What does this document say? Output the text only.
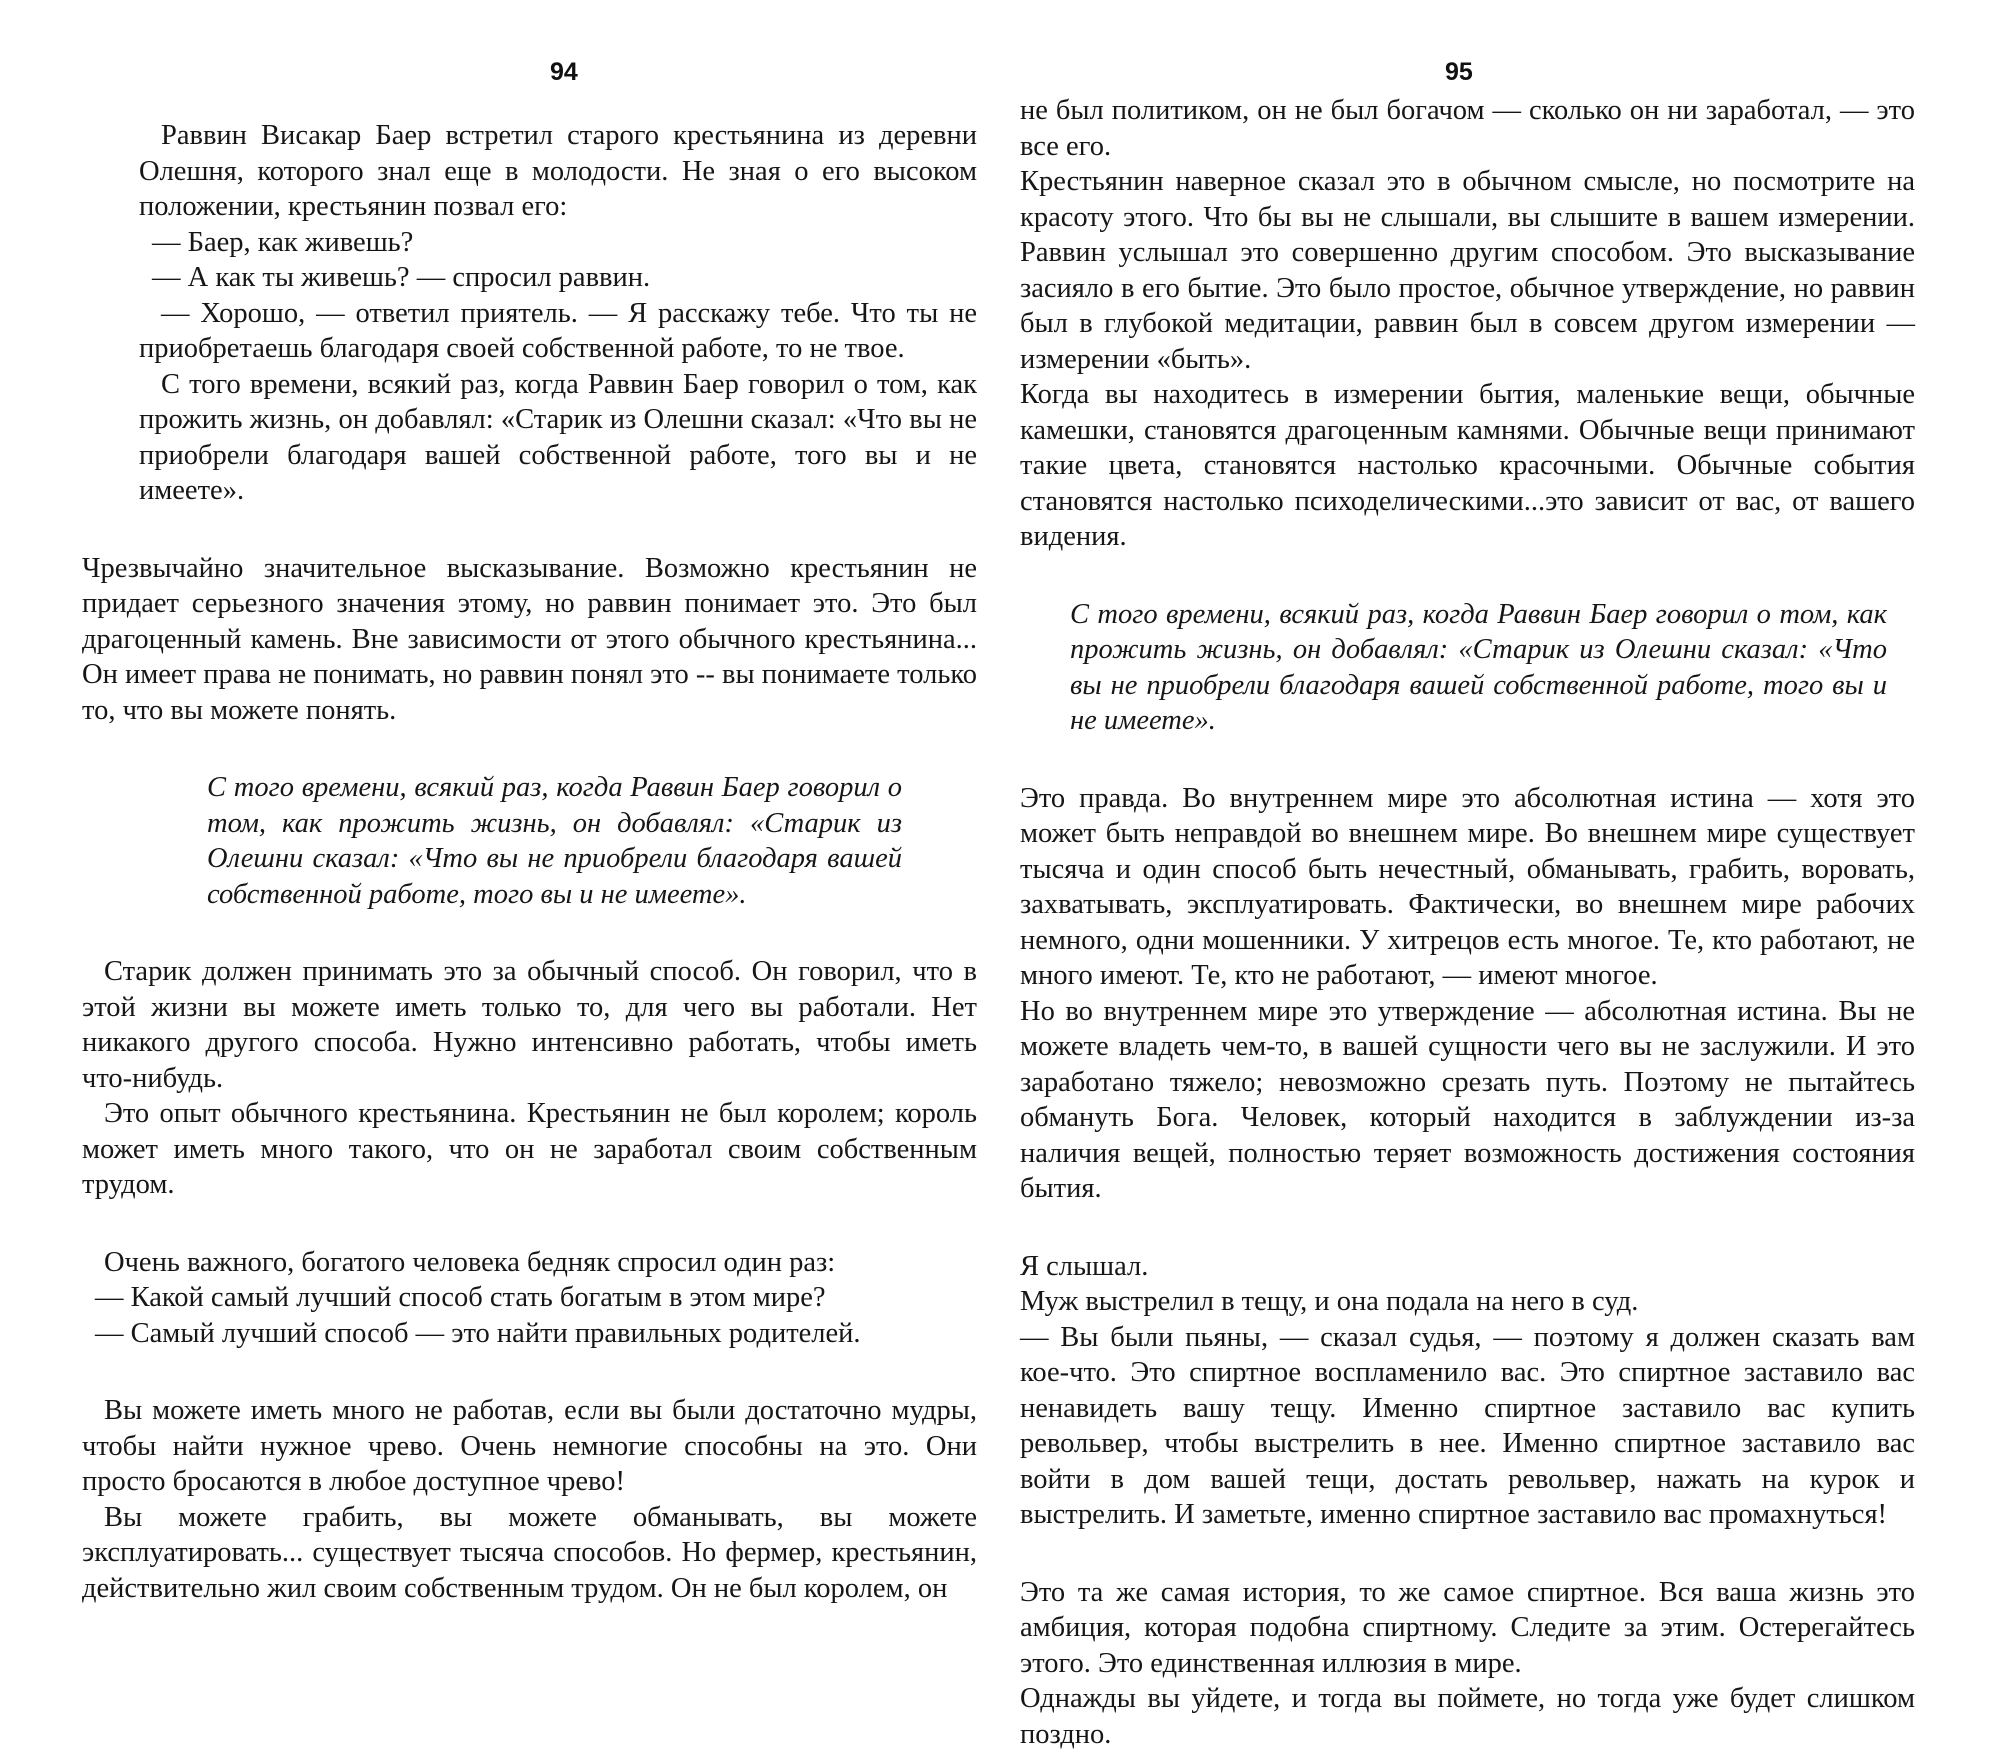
94

Раввин Висакар Баер встретил старого крестьянина из деревни Олешня, которого знал еще в молодости. Не зная о его высоком положении, крестьянин позвал его:

— Баер, как живешь?

— А как ты живешь? — спросил раввин.

— Хорошо, — ответил приятель. — Я расскажу тебе. Что ты не приобретаешь благодаря своей собственной работе, то не твое.

С того времени, всякий раз, когда Раввин Баер говорил о том, как прожить жизнь, он добавлял: «Старик из Олешни сказал: «Что вы не приобрели благодаря вашей собственной работе, того вы и не имеете».

Чрезвычайно значительное высказывание. Возможно крестьянин не придает серьезного значения этому, но раввин понимает это. Это был драгоценный камень. Вне зависимости от этого обычного крестьянина... Он имеет права не понимать, но раввин понял это -- вы понимаете только то, что вы можете понять.

С того времени, всякий раз, когда Раввин Баер говорил о том, как прожить жизнь, он добавлял: «Старик из Олешни сказал: «Что вы не приобрели благодаря вашей собственной работе, того вы и не имеете».

Старик должен принимать это за обычный способ. Он говорил, что в этой жизни вы можете иметь только то, для чего вы работали. Нет никакого другого способа. Нужно интенсивно работать, чтобы иметь что-нибудь.

Это опыт обычного крестьянина. Крестьянин не был королем; король может иметь много такого, что он не заработал своим собственным трудом.

Очень важного, богатого человека бедняк спросил один раз:

— Какой самый лучший способ стать богатым в этом мире?

— Самый лучший способ — это найти правильных родителей.

Вы можете иметь много не работав, если вы были достаточно мудры, чтобы найти нужное чрево. Очень немногие способны на это. Они просто бросаются в любое доступное чрево!

Вы можете грабить, вы можете обманывать, вы можете эксплуатировать... существует тысяча способов. Но фермер, крестьянин, действительно жил своим собственным трудом. Он не был королем, он

95

не был политиком, он не был богачом — сколько он ни заработал, — это все его.

Крестьянин наверное сказал это в обычном смысле, но посмотрите на красоту этого. Что бы вы не слышали, вы слышите в вашем измерении. Раввин услышал это совершенно другим способом. Это высказывание засияло в его бытие. Это было простое, обычное утверждение, но раввин был в глубокой медитации, раввин был в совсем другом измерении — измерении «быть».

Когда вы находитесь в измерении бытия, маленькие вещи, обычные камешки, становятся драгоценным камнями. Обычные вещи принимают такие цвета, становятся настолько красочными. Обычные события становятся настолько психоделическими...это зависит от вас, от вашего видения.

С того времени, всякий раз, когда Раввин Баер говорил о том, как прожить жизнь, он добавлял: «Старик из Олешни сказал: «Что вы не приобрели благодаря вашей собственной работе, того вы и не имеете».

Это правда. Во внутреннем мире это абсолютная истина — хотя это может быть неправдой во внешнем мире. Во внешнем мире существует тысяча и один способ быть нечестный, обманывать, грабить, воровать, захватывать, эксплуатировать. Фактически, во внешнем мире рабочих немного, одни мошенники. У хитрецов есть многое. Те, кто работают, не много имеют. Те, кто не работают, — имеют многое.

Но во внутреннем мире это утверждение — абсолютная истина. Вы не можете владеть чем-то, в вашей сущности чего вы не заслужили. И это заработано тяжело; невозможно срезать путь. Поэтому не пытайтесь обмануть Бога. Человек, который находится в заблуждении из-за наличия вещей, полностью теряет возможность достижения состояния бытия.

Я слышал.

Муж выстрелил в тещу, и она подала на него в суд.

— Вы были пьяны, — сказал судья, — поэтому я должен сказать вам кое-что. Это спиртное воспламенило вас. Это спиртное заставило вас ненавидеть вашу тещу. Именно спиртное заставило вас купить револьвер, чтобы выстрелить в нее. Именно спиртное заставило вас войти в дом вашей тещи, достать револьвер, нажать на курок и выстрелить. И заметьте, именно спиртное заставило вас промахнуться!

Это та же самая история, то же самое спиртное. Вся ваша жизнь это амбиция, которая подобна спиртному. Следите за этим. Остерегайтесь этого. Это единственная иллюзия в мире.

Однажды вы уйдете, и тогда вы поймете, но тогда уже будет слишком поздно.
